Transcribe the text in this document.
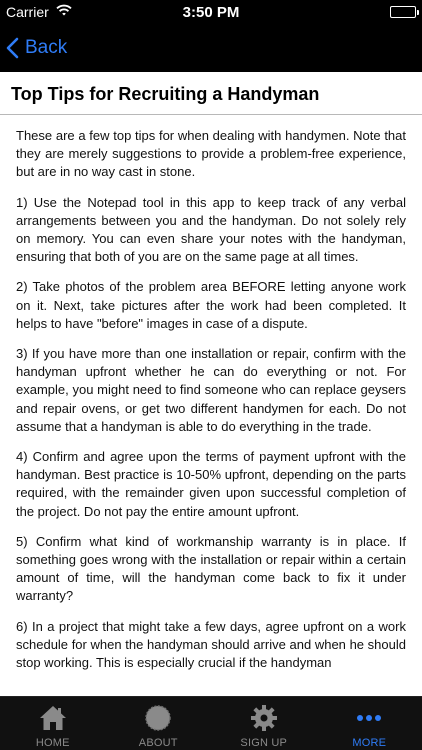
Carrier	3:50 PM
Back
Top Tips for Recruiting a Handyman

These are a few top tips for when dealing with handymen. Note that they are merely suggestions to provide a problem-free experience, but are in no way cast in stone.

1) Use the Notepad tool in this app to keep track of any verbal arrangements between you and the handyman. Do not solely rely on memory. You can even share your notes with the handyman, ensuring that both of you are on the same page at all times.

2) Take photos of the problem area BEFORE letting anyone work on it. Next, take pictures after the work had been completed. It helps to have "before" images in case of a dispute.

3) If you have more than one installation or repair, confirm with the handyman upfront whether he can do everything or not. For example, you might need to find someone who can replace geysers and repair ovens, or get two different handymen for each. Do not assume that a handyman is able to do everything in the trade.

4) Confirm and agree upon the terms of payment upfront with the handyman. Best practice is 10-50% upfront, depending on the parts required, with the remainder given upon successful completion of the project. Do not pay the entire amount upfront.

5) Confirm what kind of workmanship warranty is in place. If something goes wrong with the installation or repair within a certain amount of time, will the handyman come back to fix it under warranty?

6) In a project that might take a few days, agree upfront on a work schedule for when the handyman should arrive and when he should stop working. This is especially crucial if the handyman

HOME	ABOUT	SIGN UP	MORE
